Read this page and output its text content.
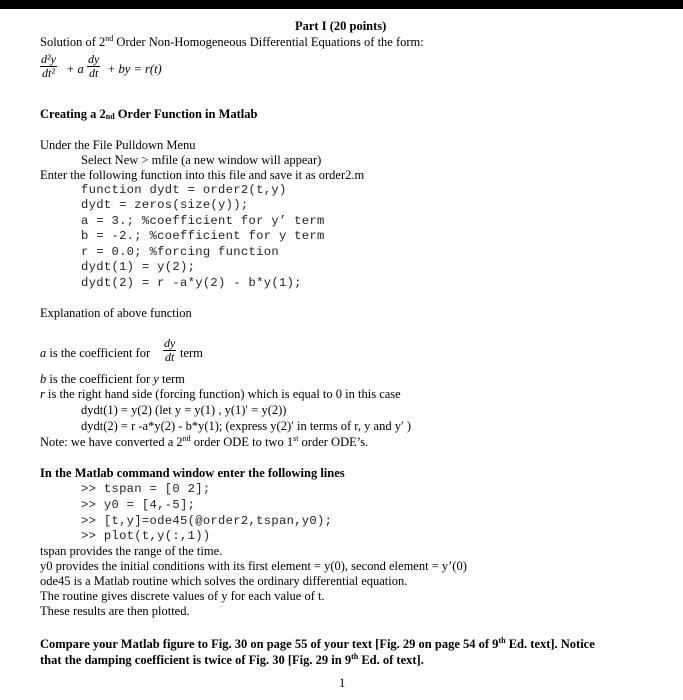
Part I (20 points)
Solution of 2nd Order Non-Homogeneous Differential Equations of the form:
d²y
dt² + a
dy
dt + by = r(t)
Creating a $2_{nd}$ Order Function in Matlab
Under the File Pulldown Menu
Select New > mfile (a new window will appear)
Enter the following function into this file and save it as order2.m
function dydt = order2(t,y)
dydt = zeros(size(y));
a = 3.; %coefficient for y’ term
b = -2.; %coefficient for y term
r = 0.0; %forcing function
dydt(1) = y(2);
dydt(2) = r -a*y(2) - b*y(1);
Explanation of above function
a is the coefficient for
dy
dt term
b is the coefficient for y term
r is the right hand side (forcing function) which is equal to 0 in this case
dydt(1) = y(2) (let y = y(1) , y(1)′ = y(2))
dydt(2) = r -a*y(2) - b*y(1); (express y(2)′ in terms of r, y and y′ )
Note: we have converted a 2nd order ODE to two 1st order ODE’s.
In the Matlab command window enter the following lines
>> tspan = [0 2];
>> y0 = [4,-5];
>> [t,y]=ode45(@order2,tspan,y0);
>> plot(t,y(:,1))
tspan provides the range of the time.
y0 provides the initial conditions with its first element = y(0), second element = y’(0)
ode45 is a Matlab routine which solves the ordinary differential equation.
The routine gives discrete values of y for each value of t.
These results are then plotted.
Compare your Matlab figure to Fig. 30 on page 55 of your text [Fig. 29 on page 54 of 9th Ed. text]. Notice
that the damping coefficient is twice of Fig. 30 [Fig. 29 in 9th Ed. of text].
1
